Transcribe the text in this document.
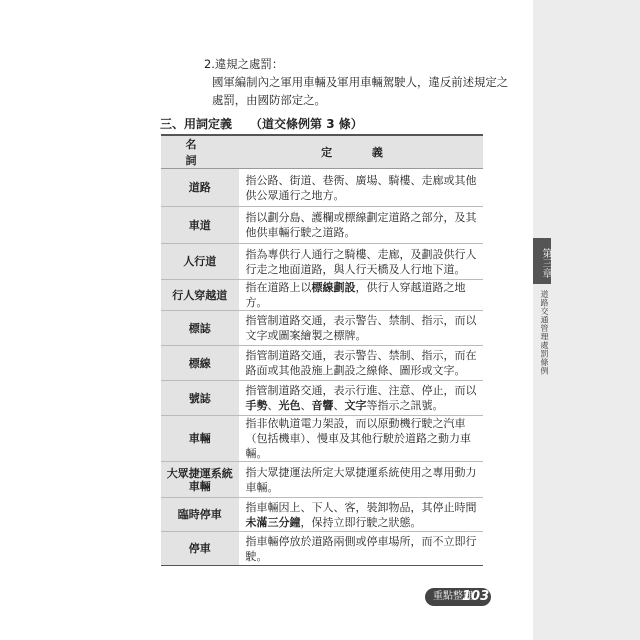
第三章
道路交通管理處罰條例
2.違規之處罰：
國軍編制內之軍用車輛及軍用車輛駕駛人，違反前述規定之
處罰，由國防部定之。
三、用詞定義 （道交條例第 3 條）
名 詞	定 義
道路	指公路、街道、巷衖、廣場、騎樓、走廊或其他供公眾通行之地方。
車道	指以劃分島、護欄或標線劃定道路之部分，及其他供車輛行駛之道路。
人行道	指為專供行人通行之騎樓、走廊，及劃設供行人行走之地面道路，與人行天橋及人行地下道。
行人穿越道	指在道路上以標線劃設，供行人穿越道路之地方。
標誌	指管制道路交通，表示警告、禁制、指示，而以文字或圖案繪製之標牌。
標線	指管制道路交通，表示警告、禁制、指示，而在路面或其他設施上劃設之線條、圖形或文字。
號誌	指管制道路交通，表示行進、注意、停止，而以手勢、光色、音響、文字等指示之訊號。
車輛	指非依軌道電力架設，而以原動機行駛之汽車（包括機車）、慢車及其他行駛於道路之動力車輛。
大眾捷運系統
車輛	指大眾捷運法所定大眾捷運系統使用之專用動力車輛。
臨時停車	指車輛因上、下人、客，裝卸物品，其停止時間未滿三分鐘，保持立即行駛之狀態。
停車	指車輛停放於道路兩側或停車場所，而不立即行駛。
重點整理
103
